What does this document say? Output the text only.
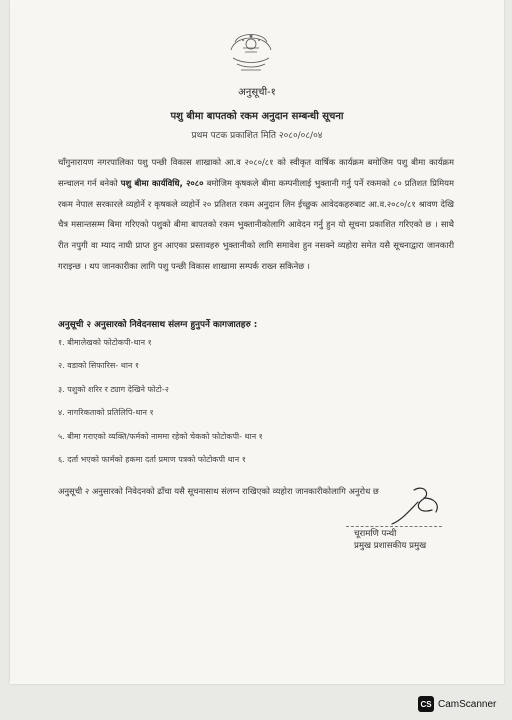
अनुसूची-१
पशु बीमा बापतको रकम अनुदान सम्बन्धी सूचना
प्रथम पटक प्रकाशित मिति २०८०/०८/०४
चाँगुनारायण नगरपालिका पशु पन्छी विकास शाखाको आ.व २०८०/८१ को स्वीकृत वार्षिक कार्यक्रम बमोजिम पशु बीमा कार्यक्रम सन्चालन गर्न बनेको पशु बीमा कार्यविधि, २०८० बमोजिम कृषकले बीमा कम्पनीलाई भुक्तानी गर्नु पर्ने रकमको ८० प्रतिशत प्रिमियम रकम नेपाल सरकारले व्यहोर्ने र कृषकले व्यहोर्ने २० प्रतिशत रकम अनुदान लिन ईच्छुक आवेदकहरुबाट आ.व.२०८०/८१ श्रावण देखि चैत्र मसान्तसम्म बिमा गरिएको पशुको बीमा बापतको रकम भुक्तानीकोलागि आवेदन गर्नु हुन यो सूचना प्रकाशित गरिएको छ । साथै रीत नपुगी वा म्याद नाघी प्राप्त हुन आएका प्रस्तावहरु भुक्तानीको लागि समावेश हुन नसक्ने व्यहोरा समेत यसै सूचनाद्वारा जानकारी गराइन्छ । थप जानकारीका लागि पशु पन्छी विकास शाखामा सम्पर्क राख्न सकिनेछ ।
अनुसूची २ अनुसारको निवेदनसाथ संलग्न हुनुपर्ने कागजातहरु :
१. बीमालेखको फोटोकपी-थान १
२. वडाको सिफारिस- थान १
३. पशुको शरिर र ट्याग देखिने फोटो-२
४. नागरिकताको प्रतिलिपि-थान १
५. बीमा गराएको व्यक्ति/फर्मको नाममा रहेको चेकको फोटोकपी- थान १
६. दर्ता भएको फार्मको हकमा दर्ता प्रमाण पत्रको फोटोकपी थान १
अनुसूची २ अनुसारको निवेदनको ढाँचा यसै सूचनासाथ संलग्न राखिएको व्यहोरा जानकारीकोलागि अनुरोध छ
चूरामणि पन्थी
प्रमुख प्रशासकीय प्रमुख
CS CamScanner
